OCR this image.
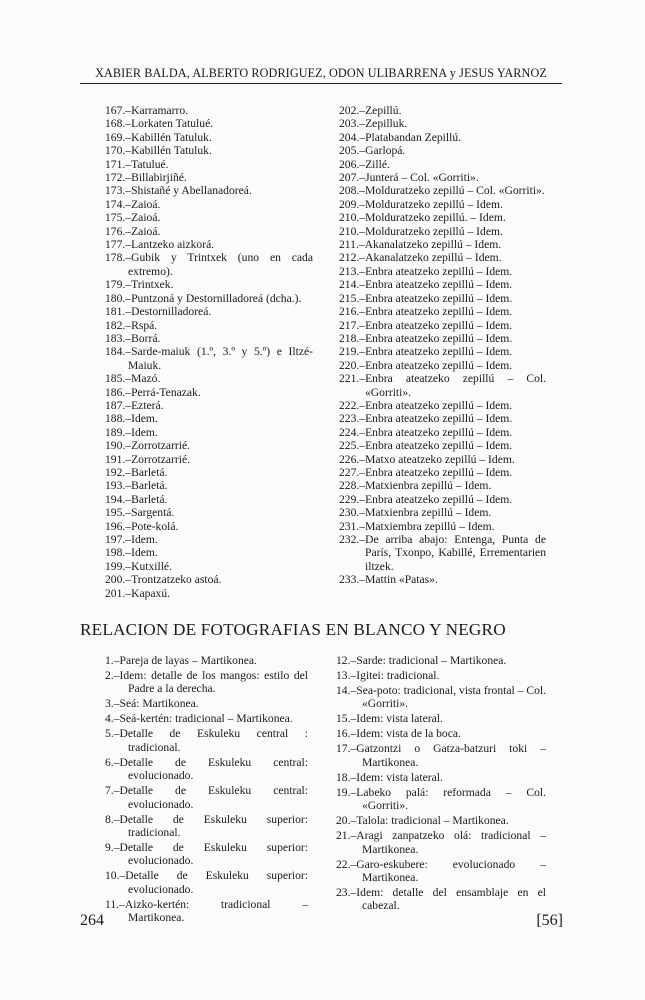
XABIER BALDA, ALBERTO RODRIGUEZ, ODON ULIBARRENA y JESUS YARNOZ
167.–Karramarro.
168.–Lorkaten Tatulué.
169.–Kabillén Tatuluk.
170.–Kabillén Tatuluk.
171.–Tatulué.
172.–Billabirjiñé.
173.–Shistañé y Abellanadoreá.
174.–Zaioá.
175.–Zaioá.
176.–Zaioá.
177.–Lantzeko aizkorá.
178.–Gubik y Trintxek (uno en cada extremo).
179.–Trintxek.
180.–Puntzoná y Destornilladoreá (dcha.).
181.–Destornilladoreá.
182.–Rspá.
183.–Borrá.
184.–Sarde-maiuk (1.º, 3.º y 5.º) e Iltzé-Maiuk.
185.–Mazó.
186.–Perrá-Tenazak.
187.–Ezterá.
188.–Idem.
189.–Idem.
190.–Zorrotzarrié.
191.–Zorrotzarrié.
192.–Barletá.
193.–Barletá.
194.–Barletá.
195.–Sargentá.
196.–Pote-kolá.
197.–Idem.
198.–Idem.
199.–Kutxillé.
200.–Trontzatzeko astoá.
201.–Kapaxú.
202.–Zepillú.
203.–Zepilluk.
204.–Platabandan Zepillú.
205.–Garlopá.
206.–Zillé.
207.–Junterá – Col. «Gorriti».
208.–Molduratzeko zepillú – Col. «Gorriti».
209.–Molduratzeko zepillú – Idem.
210.–Molduratzeko zepillú. – Idem.
210.–Molduratzeko zepillú – Idem.
211.–Akanalatzeko zepillú – Idem.
212.–Akanalatzeko zepillú – Idem.
213.–Enbra ateatzeko zepillú – Idem.
214.–Enbra ateatzeko zepillú – Idem.
215.–Enbra ateatzeko zepillú – Idem.
216.–Enbra ateatzeko zepillú – Idem.
217.–Enbra ateatzeko zepillú – Idem.
218.–Enbra ateatzeko zepillú – Idem.
219.–Enbra ateatzeko zepillú – Idem.
220.–Enbra ateatzeko zepillú – Idem.
221.–Enbra ateatzeko zepillú – Col. «Gorriti».
222.–Enbra ateatzeko zepillú – Idem.
223.–Enbra ateatzeko zepillú – Idem.
224.–Enbra ateatzeko zepillú – Idem.
225.–Enbra ateatzeko zepillú – Idem.
226.–Matxo ateatzeko zepillú – Idem.
227.–Enbra ateatzeko zepillú – Idem.
228.–Matxienbra zepillú – Idem.
229.–Enbra ateatzeko zepillú – Idem.
230.–Matxienbra zepillú – Idem.
231.–Matxiembra zepillú – Idem.
232.–De arriba abajo: Entenga, Punta de París, Txonpo, Kabillé, Errementarien iltzek.
233.–Mattin «Patas».
RELACION DE FOTOGRAFIAS EN BLANCO Y NEGRO
1.–Pareja de layas – Martikonea.
2.–Idem: detalle de los mangos: estilo del Padre a la derecha.
3.–Seá: Martikonea.
4.–Seá-kertén: tradicional – Martikonea.
5.–Detalle de Eskuleku central : tradicional.
6.–Detalle de Eskuleku central: evolucionado.
7.–Detalle de Eskuleku central: evolucionado.
8.–Detalle de Eskuleku superior: tradicional.
9.–Detalle de Eskuleku superior: evolucionado.
10.–Detalle de Eskuleku superior: evolucionado.
11.–Aizko-kertén: tradicional – Martikonea.
12.–Sarde: tradicional – Martikonea.
13.–Igitei: tradicional.
14.–Sea-poto: tradicional, vista frontal – Col. «Gorriti».
15.–Idem: vista lateral.
16.–Idem: vista de la boca.
17.–Gatzontzi o Gatza-batzuri toki – Martikonea.
18.–Idem: vista lateral.
19.–Labeko palá: reformada – Col. «Gorriti».
20.–Talola: tradicional – Martikonea.
21.–Aragi zanpatzeko olá: tradicional – Martikonea.
22.–Garo-eskubere: evolucionado – Martikonea.
23.–Idem: detalle del ensamblaje en el cabezal.
264	[56]
